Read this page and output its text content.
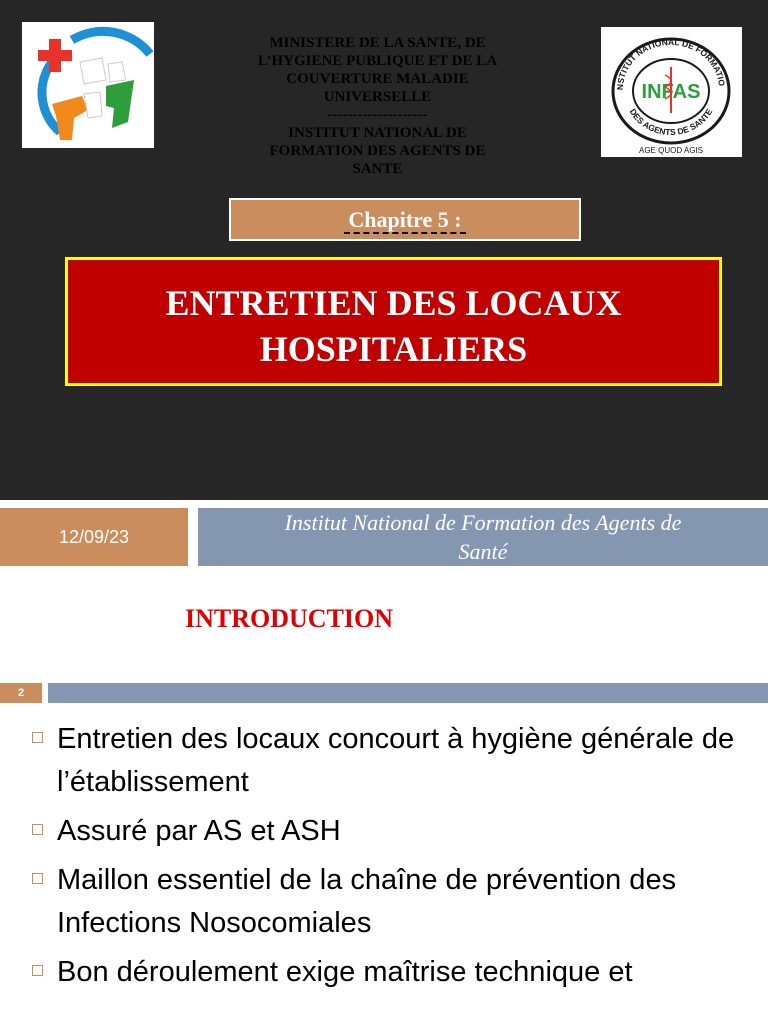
MINISTERE DE LA SANTE, DE
L’HYGIENE PUBLIQUE ET DE LA
COUVERTURE MALADIE
UNIVERSELLE
--------------------
INSTITUT NATIONAL DE
FORMATION DES AGENTS DE
SANTE
NSTITUT NATIONAL DE FORMATIO
DES AGENTS DE SANTE
INFAS
AGE QUOD AGIS
Chapitre 5 :
ENTRETIEN DES LOCAUX
HOSPITALIERS
12/09/23
Institut National de Formation des Agents de
Santé
INTRODUCTION
2
Entretien des locaux concourt à hygiène générale de l’établissement
Assuré par AS et ASH
Maillon essentiel de la chaîne de prévention des Infections Nosocomiales
Bon déroulement exige maîtrise technique et
